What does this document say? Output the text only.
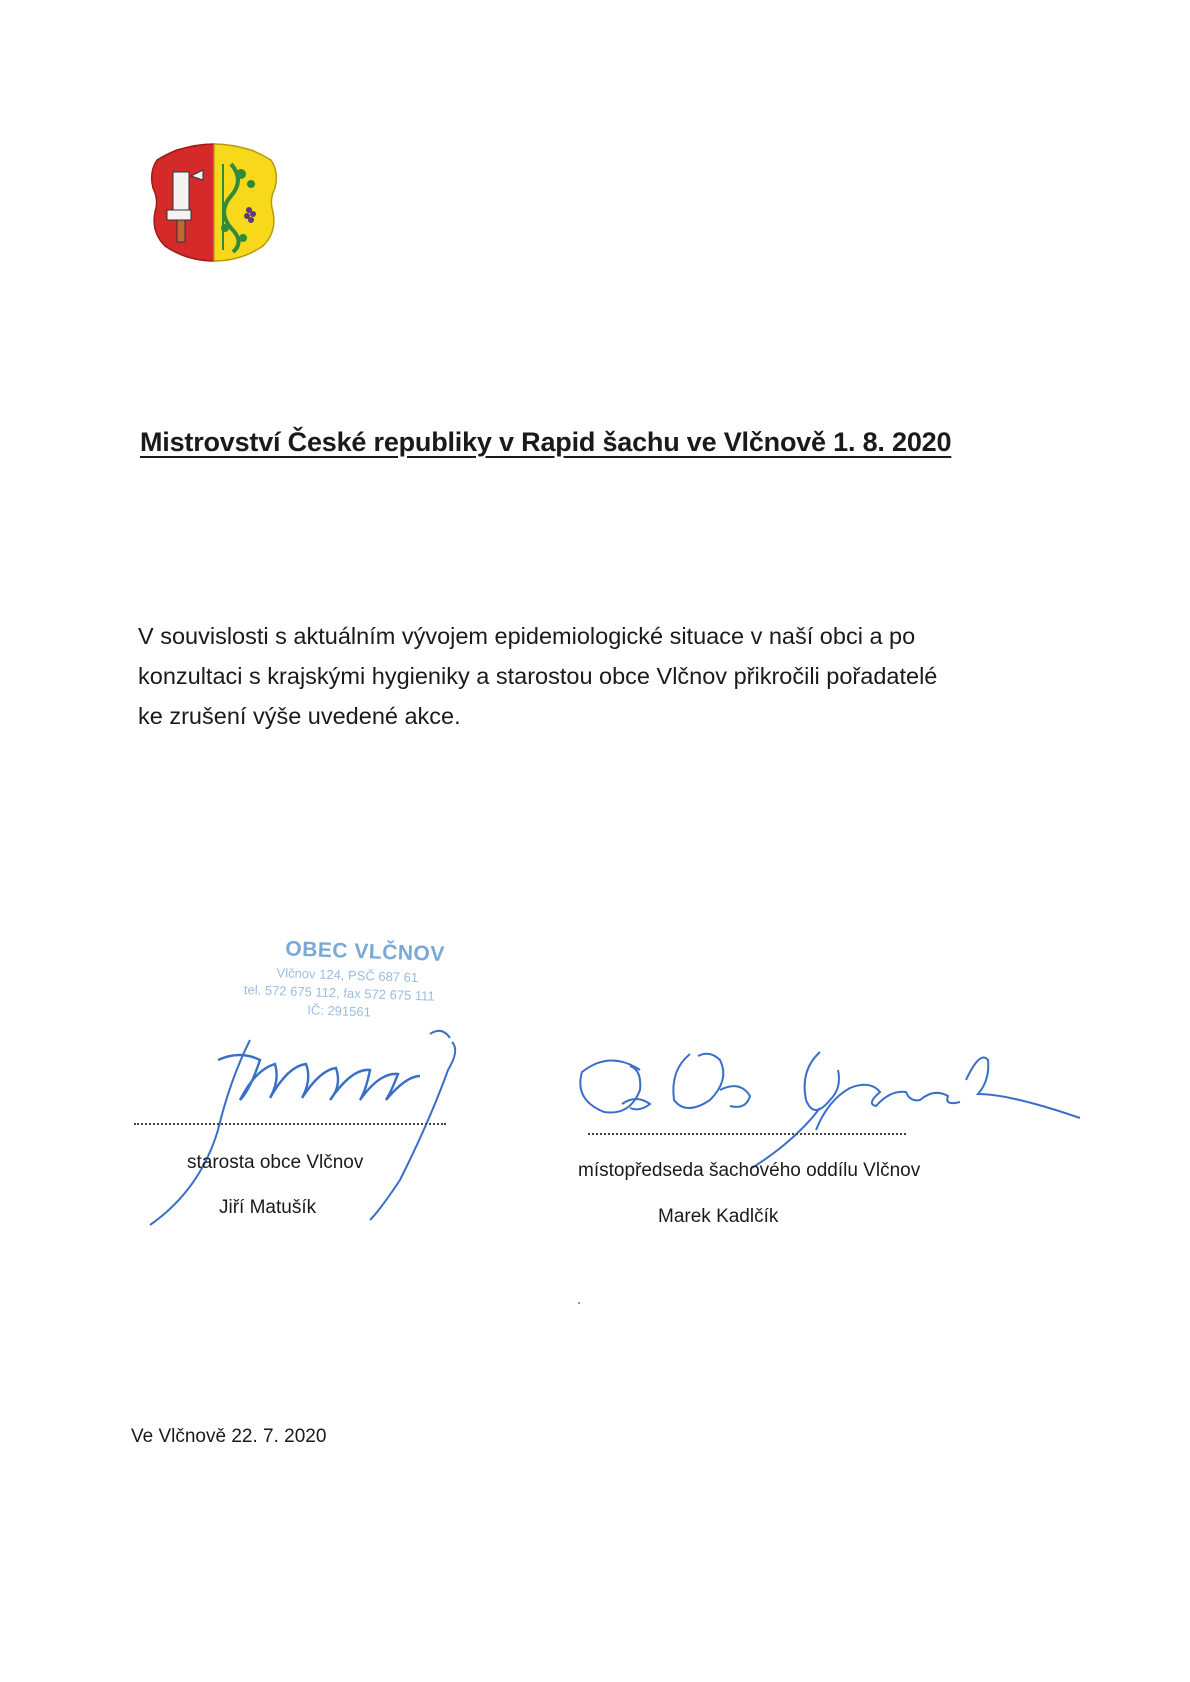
Mistrovství České republiky v Rapid šachu ve Vlčnově 1. 8. 2020
V souvislosti s aktuálním vývojem epidemiologické situace v naší obci a po
konzultaci s krajskými hygieniky a starostou obce Vlčnov přikročili pořadatelé
ke zrušení výše uvedené akce.
OBEC VLČNOV
Vlčnov 124, PSČ 687 61
tel. 572 675 112, fax 572 675 111
IČ: 291561
starosta obce Vlčnov
Jiří Matušík
místopředseda šachového oddílu Vlčnov
Marek Kadlčík
Ve Vlčnově 22. 7. 2020
